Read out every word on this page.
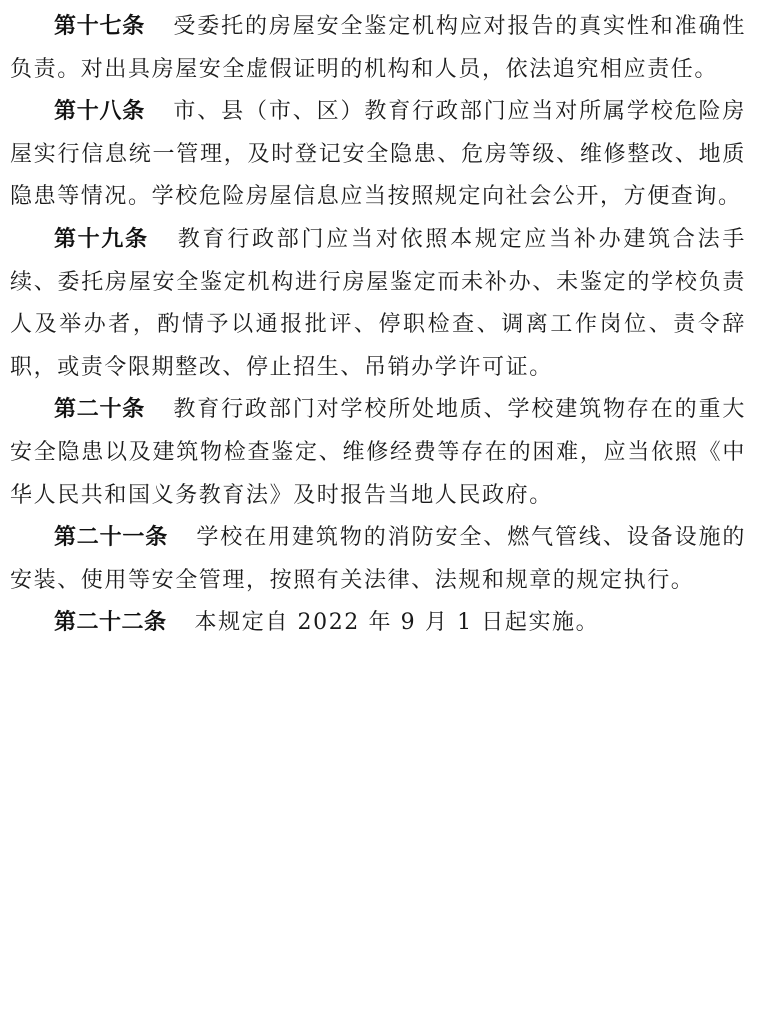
第十七条 受委托的房屋安全鉴定机构应对报告的真实性和准确性负责。对出具房屋安全虚假证明的机构和人员，依法追究相应责任。

第十八条 市、县（市、区）教育行政部门应当对所属学校危险房屋实行信息统一管理，及时登记安全隐患、危房等级、维修整改、地质隐患等情况。学校危险房屋信息应当按照规定向社会公开，方便查询。

第十九条 教育行政部门应当对依照本规定应当补办建筑合法手续、委托房屋安全鉴定机构进行房屋鉴定而未补办、未鉴定的学校负责人及举办者，酌情予以通报批评、停职检查、调离工作岗位、责令辞职，或责令限期整改、停止招生、吊销办学许可证。

第二十条 教育行政部门对学校所处地质、学校建筑物存在的重大安全隐患以及建筑物检查鉴定、维修经费等存在的困难，应当依照《中华人民共和国义务教育法》及时报告当地人民政府。

第二十一条 学校在用建筑物的消防安全、燃气管线、设备设施的安装、使用等安全管理，按照有关法律、法规和规章的规定执行。

第二十二条 本规定自 2022 年 9 月 1 日起实施。
